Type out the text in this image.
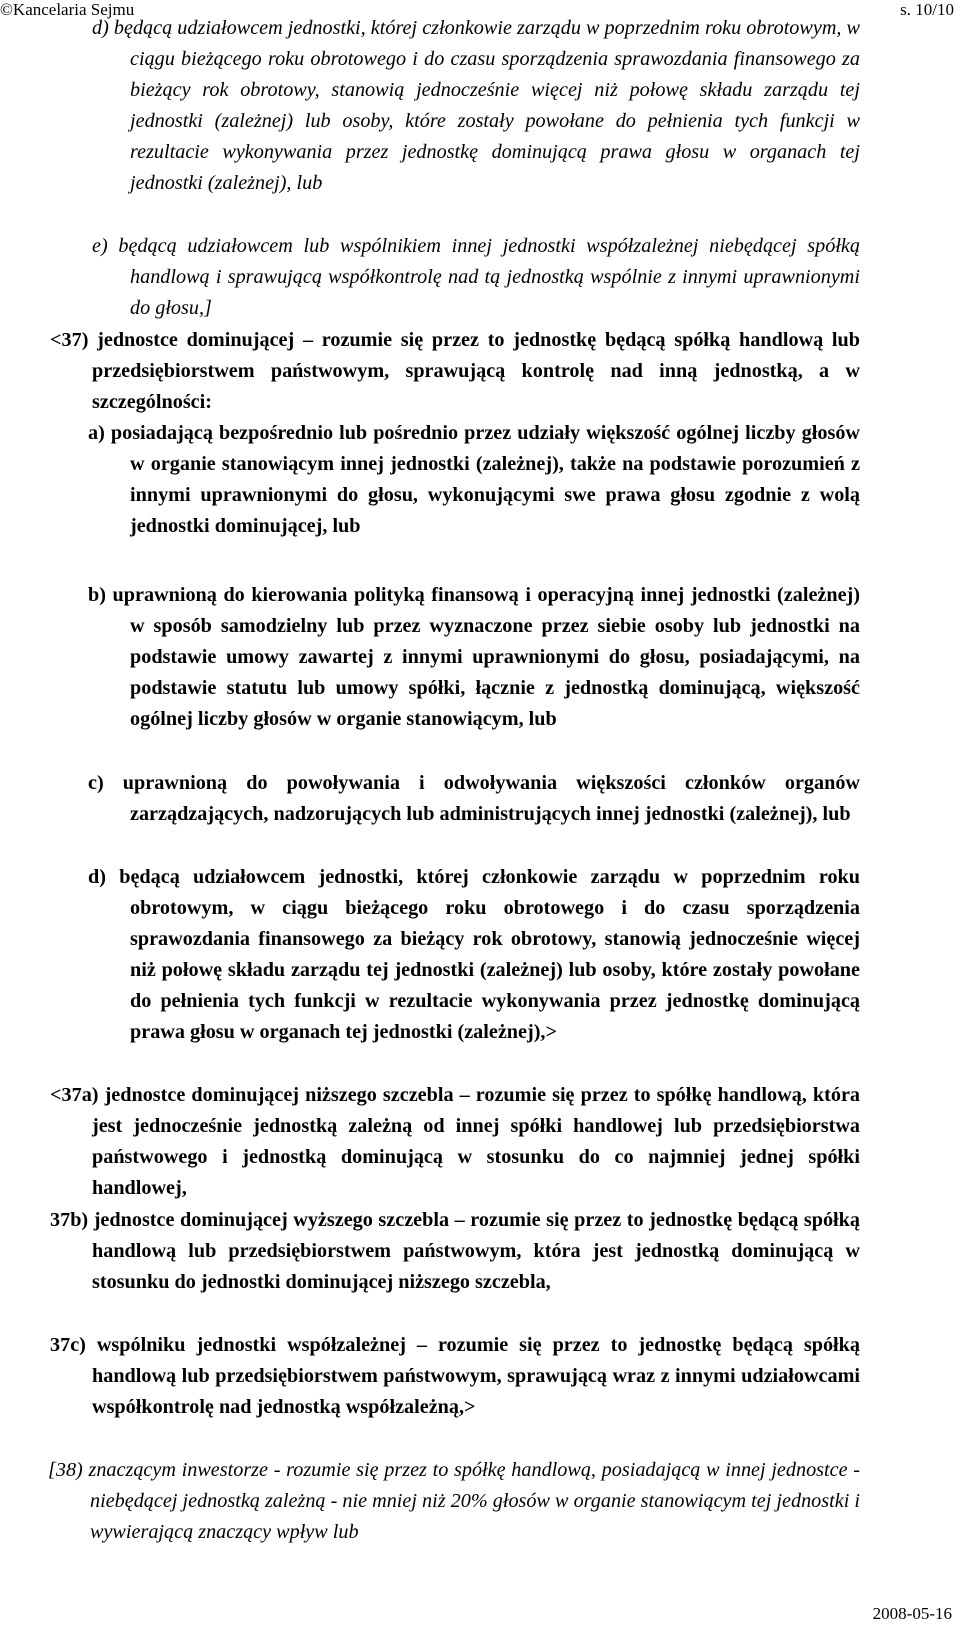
©Kancelaria Sejmu	s. 10/10

d) będącą udziałowcem jednostki, której członkowie zarządu w poprzednim roku obrotowym, w ciągu bieżącego roku obrotowego i do czasu sporządzenia sprawozdania finansowego za bieżący rok obrotowy, stanowią jednocześnie więcej niż połowę składu zarządu tej jednostki (zależnej) lub osoby, które zostały powołane do pełnienia tych funkcji w rezultacie wykonywania przez jednostkę dominującą prawa głosu w organach tej jednostki (zależnej), lub

e) będącą udziałowcem lub wspólnikiem innej jednostki współzależnej niebędącej spółką handlową i sprawującą współkontrolę nad tą jednostką wspólnie z innymi uprawnionymi do głosu,]

<37) jednostce dominującej – rozumie się przez to jednostkę będącą spółką handlową lub przedsiębiorstwem państwowym, sprawującą kontrolę nad inną jednostką, a w szczególności:

a) posiadającą bezpośrednio lub pośrednio przez udziały większość ogólnej liczby głosów w organie stanowiącym innej jednostki (zależnej), także na podstawie porozumień z innymi uprawnionymi do głosu, wykonującymi swe prawa głosu zgodnie z wolą jednostki dominującej, lub

b) uprawnioną do kierowania polityką finansową i operacyjną innej jednostki (zależnej) w sposób samodzielny lub przez wyznaczone przez siebie osoby lub jednostki na podstawie umowy zawartej z innymi uprawnionymi do głosu, posiadającymi, na podstawie statutu lub umowy spółki, łącznie z jednostką dominującą, większość ogólnej liczby głosów w organie stanowiącym, lub

c) uprawnioną do powoływania i odwoływania większości członków organów zarządzających, nadzorujących lub administrujących innej jednostki (zależnej), lub

d) będącą udziałowcem jednostki, której członkowie zarządu w poprzednim roku obrotowym, w ciągu bieżącego roku obrotowego i do czasu sporządzenia sprawozdania finansowego za bieżący rok obrotowy, stanowią jednocześnie więcej niż połowę składu zarządu tej jednostki (zależnej) lub osoby, które zostały powołane do pełnienia tych funkcji w rezultacie wykonywania przez jednostkę dominującą prawa głosu w organach tej jednostki (zależnej),>

<37a) jednostce dominującej niższego szczebla – rozumie się przez to spółkę handlową, która jest jednocześnie jednostką zależną od innej spółki handlowej lub przedsiębiorstwa państwowego i jednostką dominującą w stosunku do co najmniej jednej spółki handlowej,

37b) jednostce dominującej wyższego szczebla – rozumie się przez to jednostkę będącą spółką handlową lub przedsiębiorstwem państwowym, która jest jednostką dominującą w stosunku do jednostki dominującej niższego szczebla,

37c) wspólniku jednostki współzależnej – rozumie się przez to jednostkę będącą spółką handlową lub przedsiębiorstwem państwowym, sprawującą wraz z innymi udziałowcami współkontrolę nad jednostką współzależną,>

[38) znaczącym inwestorze - rozumie się przez to spółkę handlową, posiadającą w innej jednostce - niebędącej jednostką zależną - nie mniej niż 20% głosów w organie stanowiącym tej jednostki i wywierającą znaczący wpływ lub

2008-05-16
